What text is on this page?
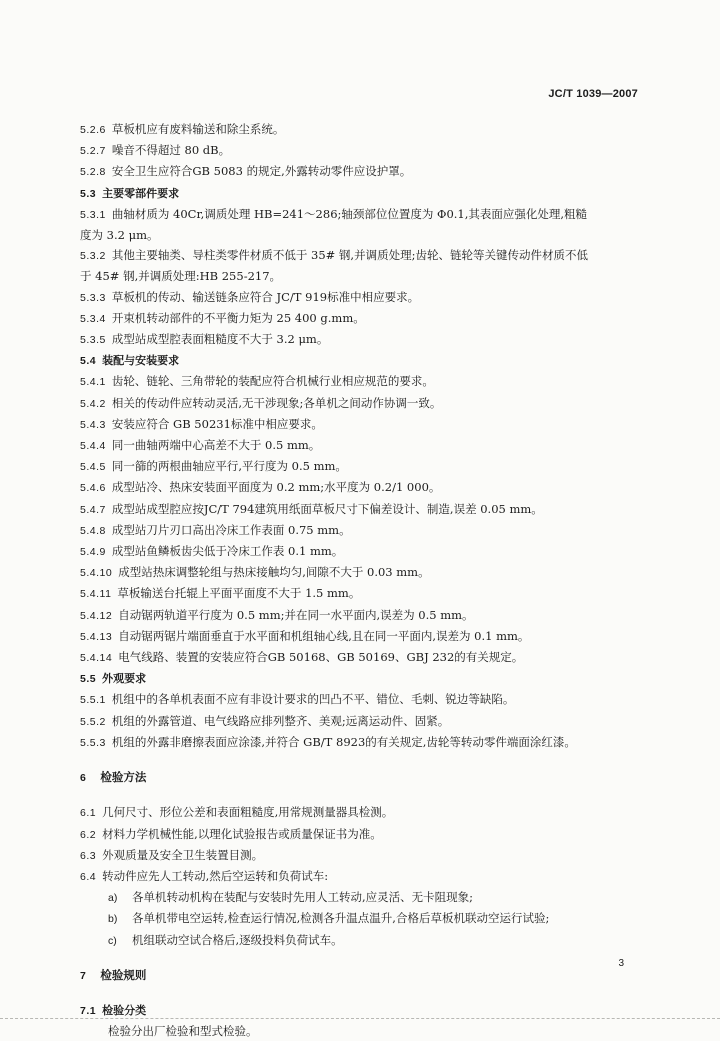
JC/T 1039—2007
5.2.6 草板机应有废料输送和除尘系统。
5.2.7 噪音不得超过 80 dB。
5.2.8 安全卫生应符合GB 5083 的规定,外露转动零件应设护罩。
5.3 主要零部件要求
5.3.1 曲轴材质为 40Cr,调质处理 HB=241～286;轴颈部位位置度为 Φ0.1,其表面应强化处理,粗糙
度为 3.2 μm。
5.3.2 其他主要轴类、导柱类零件材质不低于 35# 钢,并调质处理;齿轮、链轮等关键传动件材质不低
于 45# 钢,并调质处理:HB 255-217。
5.3.3 草板机的传动、输送链条应符合 JC/T 919标准中相应要求。
5.3.4 开束机转动部件的不平衡力矩为 25 400 g.mm。
5.3.5 成型站成型腔表面粗糙度不大于 3.2 μm。
5.4 装配与安装要求
5.4.1 齿轮、链轮、三角带轮的装配应符合机械行业相应规范的要求。
5.4.2 相关的传动件应转动灵活,无干涉现象;各单机之间动作协调一致。
5.4.3 安装应符合 GB 50231标准中相应要求。
5.4.4 同一曲轴两端中心高差不大于 0.5 mm。
5.4.5 同一篩的两根曲轴应平行,平行度为 0.5 mm。
5.4.6 成型站冷、热床安装面平面度为 0.2 mm;水平度为 0.2/1 000。
5.4.7 成型站成型腔应按JC/T 794建筑用纸面草板尺寸下偏差设计、制造,误差 0.05 mm。
5.4.8 成型站刀片刃口高出冷床工作表面 0.75 mm。
5.4.9 成型站鱼鳞板齿尖低于冷床工作表 0.1 mm。
5.4.10 成型站热床调整轮组与热床接触均匀,间隙不大于 0.03 mm。
5.4.11 草板输送台托辊上平面平面度不大于 1.5 mm。
5.4.12 自动锯两轨道平行度为 0.5 mm;并在同一水平面内,误差为 0.5 mm。
5.4.13 自动锯两锯片端面垂直于水平面和机组轴心线,且在同一平面内,误差为 0.1 mm。
5.4.14 电气线路、装置的安装应符合GB 50168、GB 50169、GBJ 232的有关规定。
5.5 外观要求
5.5.1 机组中的各单机表面不应有非设计要求的凹凸不平、错位、毛刺、锐边等缺陷。
5.5.2 机组的外露管道、电气线路应排列整齐、美观;远离运动件、固紧。
5.5.3 机组的外露非磨擦表面应涂漆,并符合 GB/T 8923的有关规定,齿轮等转动零件端面涂红漆。
6 检验方法
6.1 几何尺寸、形位公差和表面粗糙度,用常规测量器具检测。
6.2 材料力学机械性能,以理化试验报告或质量保证书为准。
6.3 外观质量及安全卫生装置目测。
6.4 转动件应先人工转动,然后空运转和负荷试车:
a) 各单机转动机构在装配与安装时先用人工转动,应灵活、无卡阻现象;
b) 各单机带电空运转,检查运行情况,检测各升温点温升,合格后草板机联动空运行试验;
c) 机组联动空试合格后,逐级投料负荷试车。
7 检验规则
7.1 检验分类
检验分出厂检验和型式检验。
3
